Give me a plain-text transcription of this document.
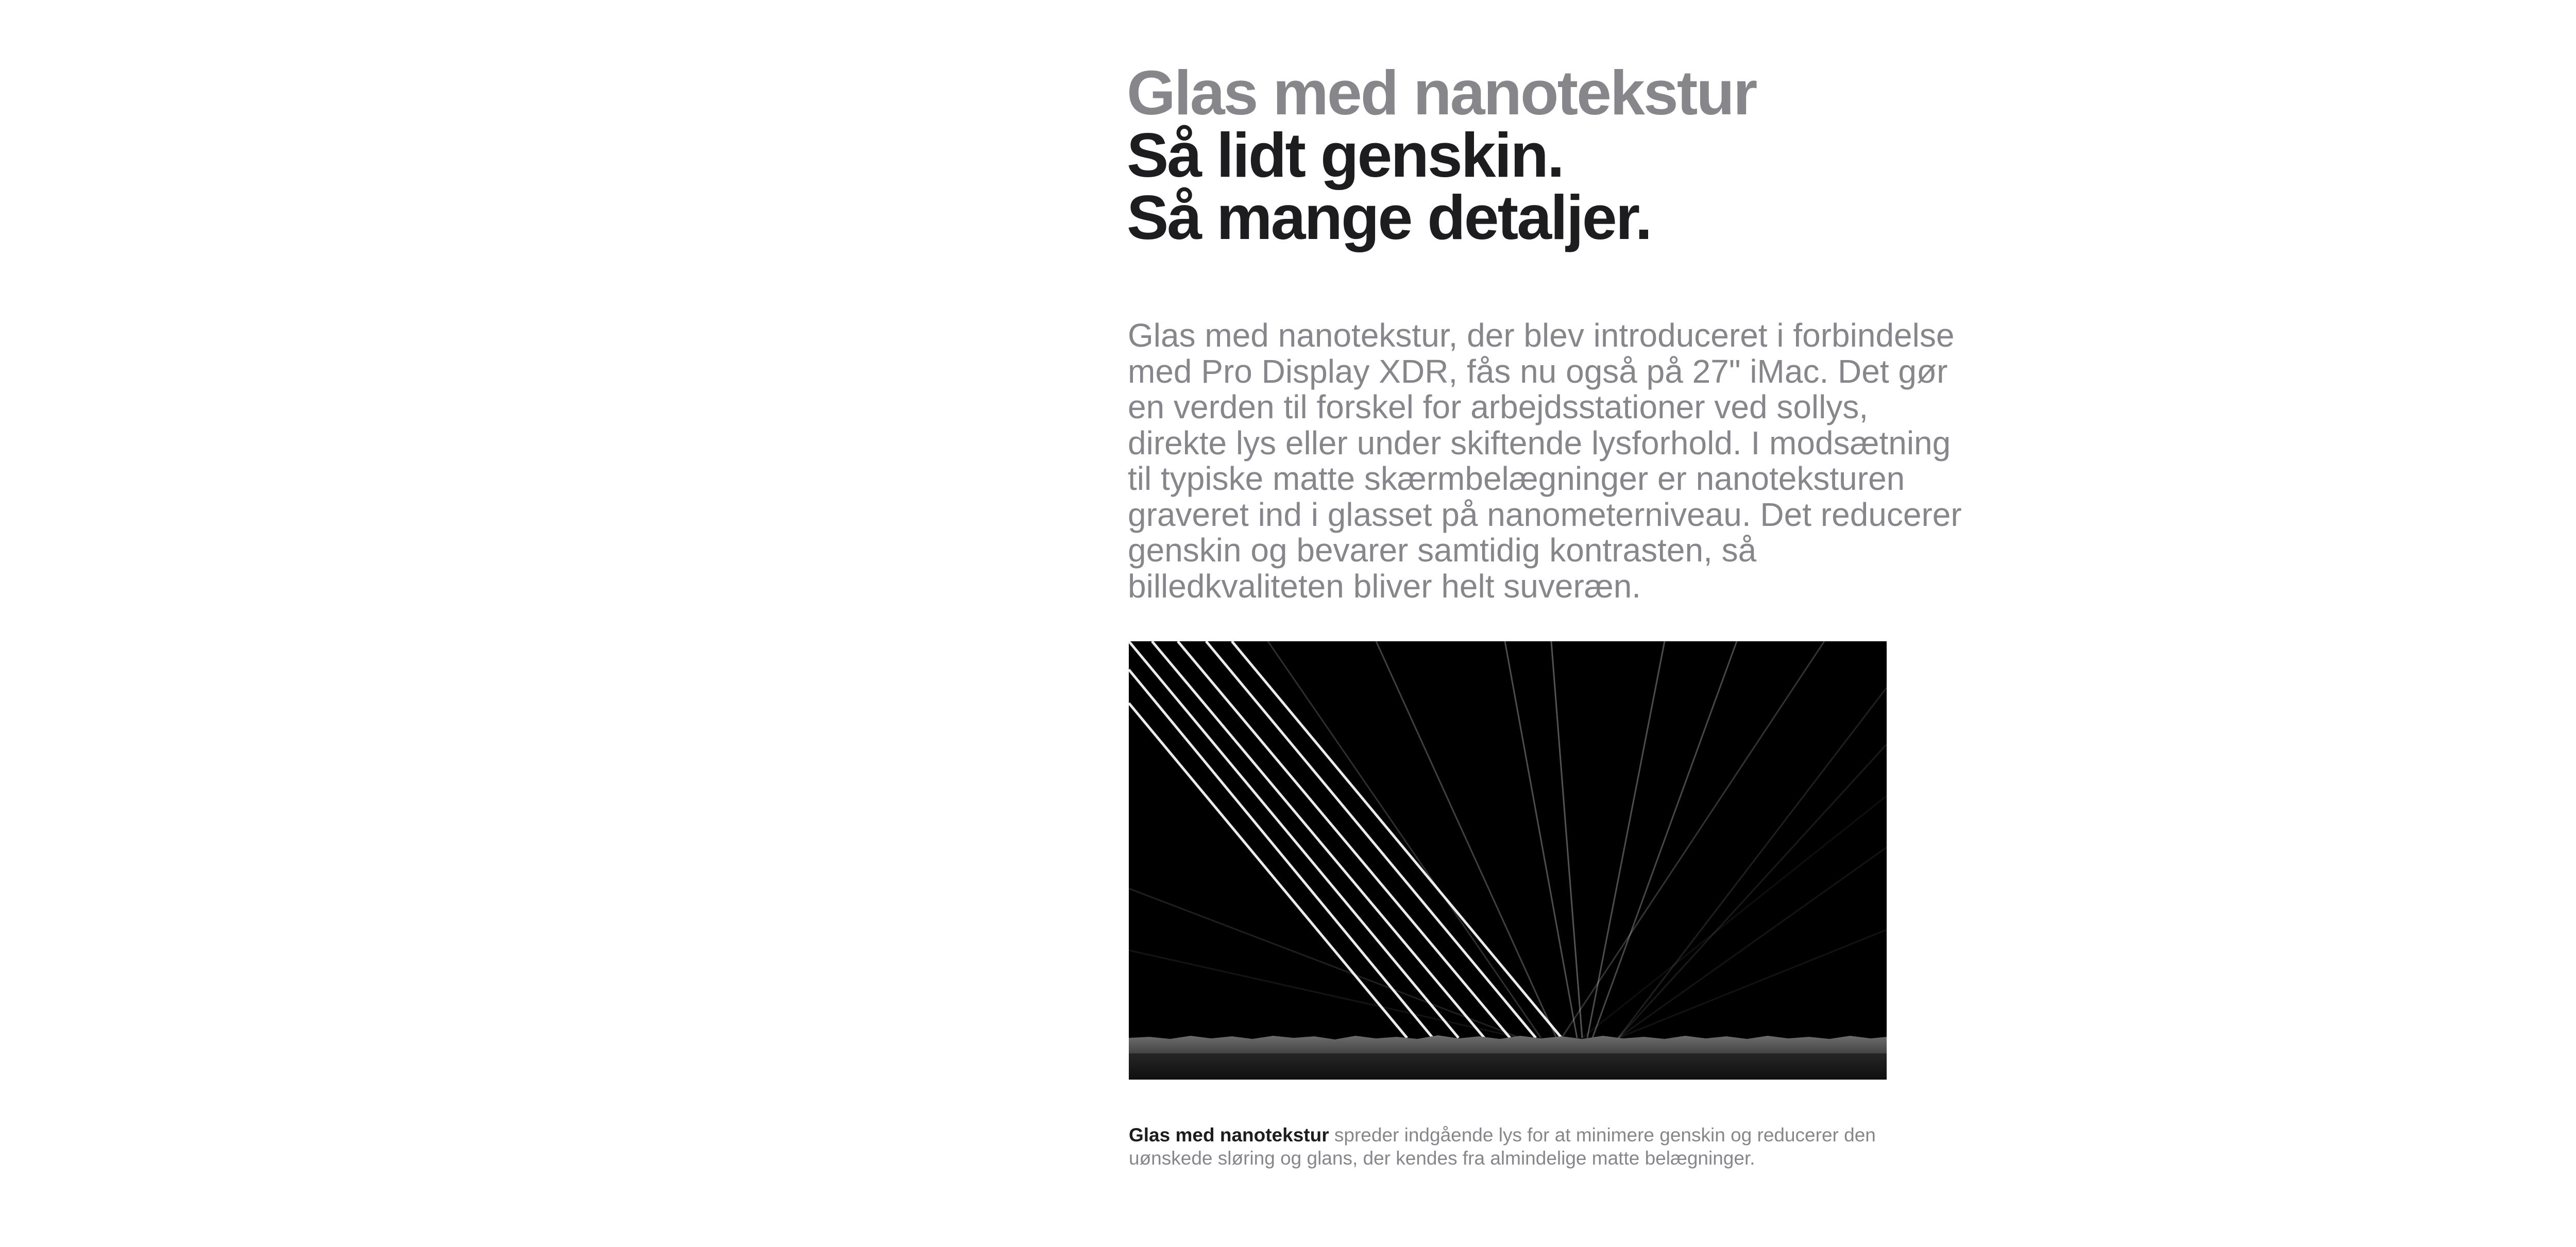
Glas med nanotekstur
Så lidt genskin.
Så mange detaljer.

Glas med nanotekstur, der blev introduceret i forbindelse med Pro Display XDR, fås nu også på 27" iMac. Det gør en verden til forskel for arbejdsstationer ved sollys, direkte lys eller under skiftende lysforhold. I modsætning til typiske matte skærmbelægninger er nanoteksturen graveret ind i glasset på nanometerniveau. Det reducerer genskin og bevarer samtidig kontrasten, så billedkvaliteten bliver helt suveræn.

Glas med nanotekstur spreder indgående lys for at minimere genskin og reducerer den uønskede sløring og glans, der kendes fra almindelige matte belægninger.
